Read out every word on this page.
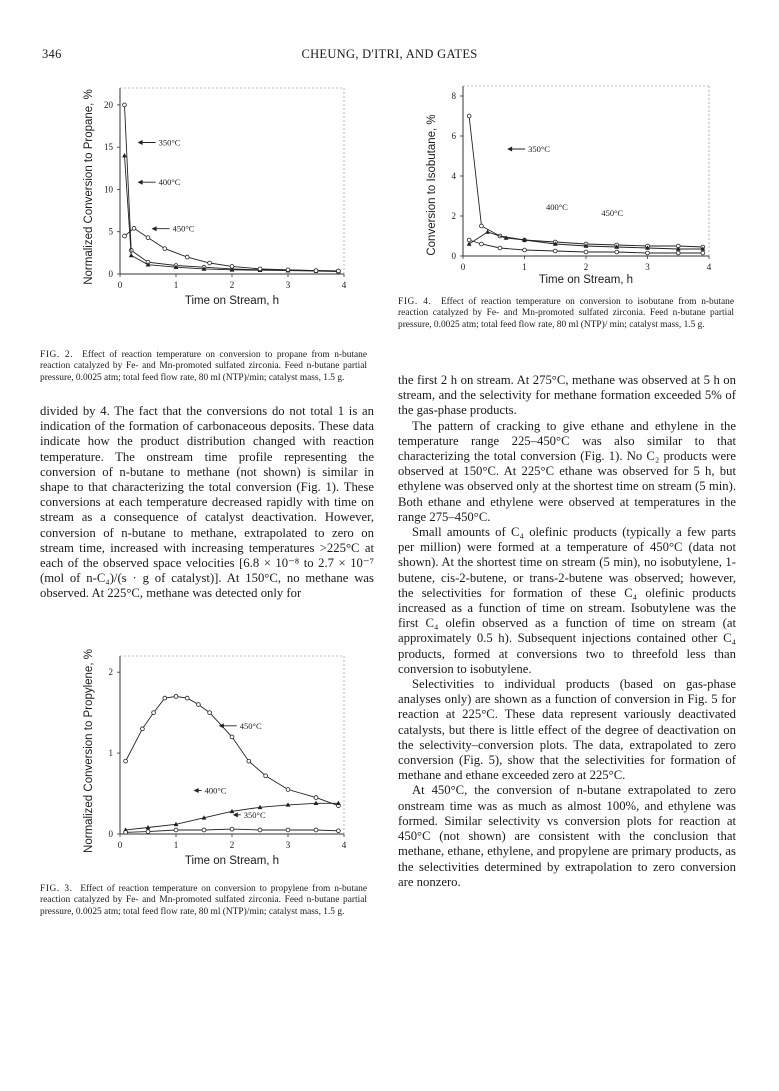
346	CHEUNG, D'ITRI, AND GATES
0	1	2	3	4
0
5
10
15
20
Time on Stream, h
Normalized Conversion to Propane, %	350°C
400°C
450°C

FIG. 2. Effect of reaction temperature on conversion to propane from n-butane reaction catalyzed by Fe- and Mn-promoted sulfated zirconia. Feed n-butane partial pressure, 0.0025 atm; total feed flow rate, 80 ml (NTP)/min; catalyst mass, 1.5 g.

0	1	2	3	4
0
2
4
6
8
Time on Stream, h
Conversion to Isobutane, %	350°C
400°C
450°C

FIG. 4. Effect of reaction temperature on conversion to isobutane from n-butane reaction catalyzed by Fe- and Mn-promoted sulfated zirconia. Feed n-butane partial pressure, 0.0025 atm; total feed flow rate, 80 ml (NTP)/ min; catalyst mass, 1.5 g.

divided by 4. The fact that the conversions do not total 1 is an indication of the formation of carbonaceous deposits. These data indicate how the product distribution changed with reaction temperature. The onstream time profile representing the conversion of n-butane to methane (not shown) is similar in shape to that characterizing the total conversion (Fig. 1). These conversions at each temperature decreased rapidly with time on stream as a consequence of catalyst deactivation. However, conversion of n-butane to methane, extrapolated to zero on stream time, increased with increasing temperatures >225°C at each of the observed space velocities [6.8 × 10⁻⁸ to 2.7 × 10⁻⁷ (mol of n-C₄)/(s · g of catalyst)]. At 150°C, no methane was observed. At 225°C, methane was detected only for

0	1	2	3	4
0
1
2
Time on Stream, h
Normalized Conversion to Propylene, %	450°C
400°C
350°C

FIG. 3. Effect of reaction temperature on conversion to propylene from n-butane reaction catalyzed by Fe- and Mn-promoted sulfated zirconia. Feed n-butane partial pressure, 0.0025 atm; total feed flow rate, 80 ml (NTP)/min; catalyst mass, 1.5 g.

the first 2 h on stream. At 275°C, methane was observed at 5 h on stream, and the selectivity for methane formation exceeded 5% of the gas-phase products.

The pattern of cracking to give ethane and ethylene in the temperature range 225–450°C was also similar to that characterizing the total conversion (Fig. 1). No C₂ products were observed at 150°C. At 225°C ethane was observed for 5 h, but ethylene was observed only at the shortest time on stream (5 min). Both ethane and ethylene were observed at temperatures in the range 275–450°C.

Small amounts of C₄ olefinic products (typically a few parts per million) were formed at a temperature of 450°C (data not shown). At the shortest time on stream (5 min), no isobutylene, 1-butene, cis-2-butene, or trans-2-butene was observed; however, the selectivities for formation of these C₄ olefinic products increased as a function of time on stream. Isobutylene was the first C₄ olefin observed as a function of time on stream (at approximately 0.5 h). Subsequent injections contained other C₄ products, formed at conversions two to threefold less than conversion to isobutylene.

Selectivities to individual products (based on gas-phase analyses only) are shown as a function of conversion in Fig. 5 for reaction at 225°C. These data represent variously deactivated catalysts, but there is little effect of the degree of deactivation on the selectivity–conversion plots. The data, extrapolated to zero conversion (Fig. 5), show that the selectivities for formation of methane and ethane exceeded zero at 225°C.

At 450°C, the conversion of n-butane extrapolated to zero onstream time was as much as almost 100%, and ethylene was formed. Similar selectivity vs conversion plots for reaction at 450°C (not shown) are consistent with the conclusion that methane, ethane, ethylene, and propylene are primary products, as the selectivities determined by extrapolation to zero conversion are nonzero.
